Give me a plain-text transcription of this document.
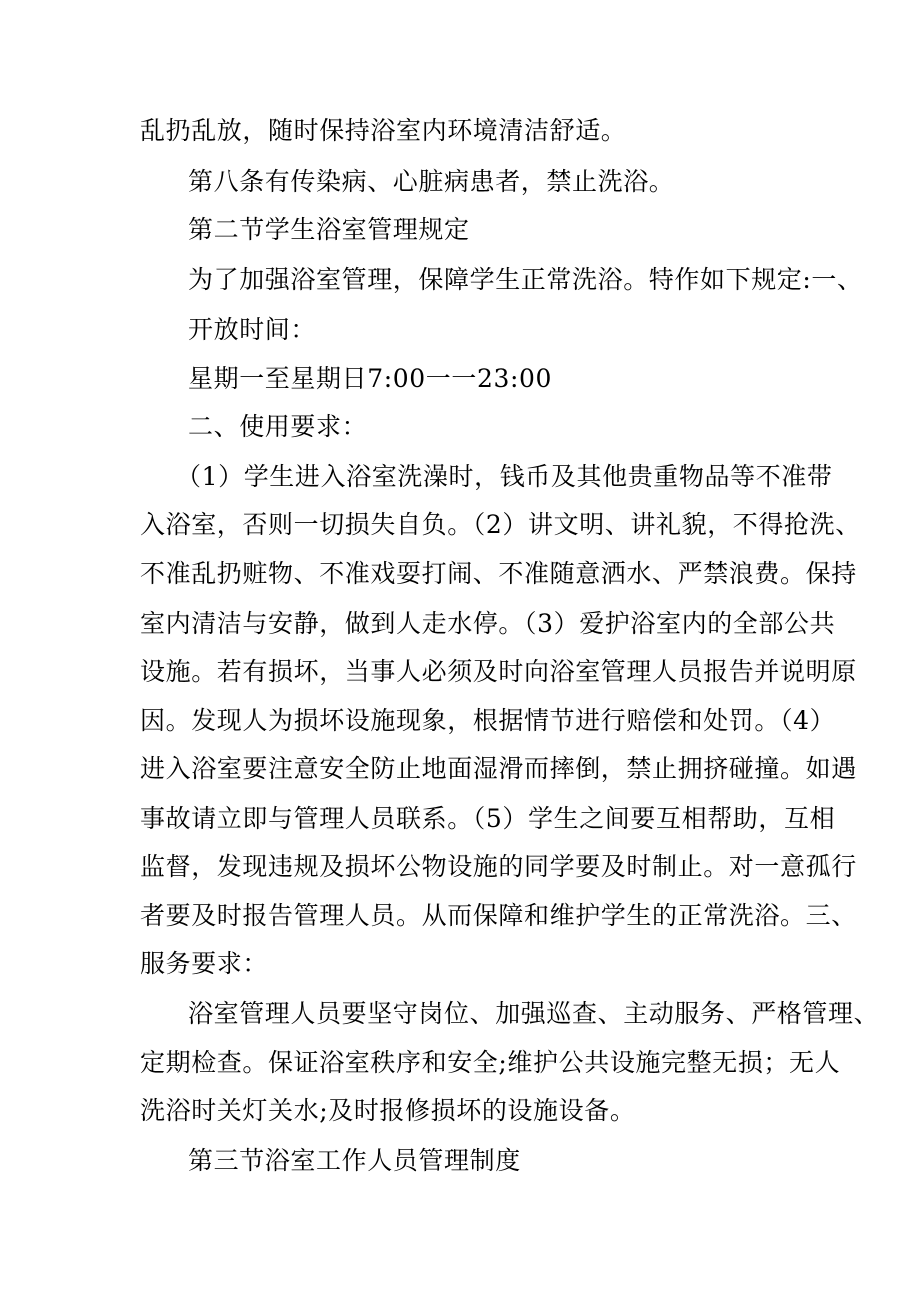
乱扔乱放，随时保持浴室内环境清洁舒适。
第八条有传染病、心脏病患者，禁止洗浴。
第二节学生浴室管理规定
为了加强浴室管理，保障学生正常洗浴。特作如下规定:一、
开放时间：
星期一至星期日7:00一一23:00
二、使用要求：
（1）学生进入浴室洗澡时，钱币及其他贵重物品等不准带
入浴室，否则一切损失自负。（2）讲文明、讲礼貌，不得抢洗、
不准乱扔赃物、不准戏耍打闹、不准随意洒水、严禁浪费。保持
室内清洁与安静，做到人走水停。（3）爱护浴室内的全部公共
设施。若有损坏，当事人必须及时向浴室管理人员报告并说明原
因。发现人为损坏设施现象，根据情节进行赔偿和处罚。（4）
进入浴室要注意安全防止地面湿滑而摔倒，禁止拥挤碰撞。如遇
事故请立即与管理人员联系。（5）学生之间要互相帮助，互相
监督，发现违规及损坏公物设施的同学要及时制止。对一意孤行
者要及时报告管理人员。从而保障和维护学生的正常洗浴。三、
服务要求：
浴室管理人员要坚守岗位、加强巡查、主动服务、严格管理、
定期检查。保证浴室秩序和安全;维护公共设施完整无损；无人
洗浴时关灯关水;及时报修损坏的设施设备。
第三节浴室工作人员管理制度
